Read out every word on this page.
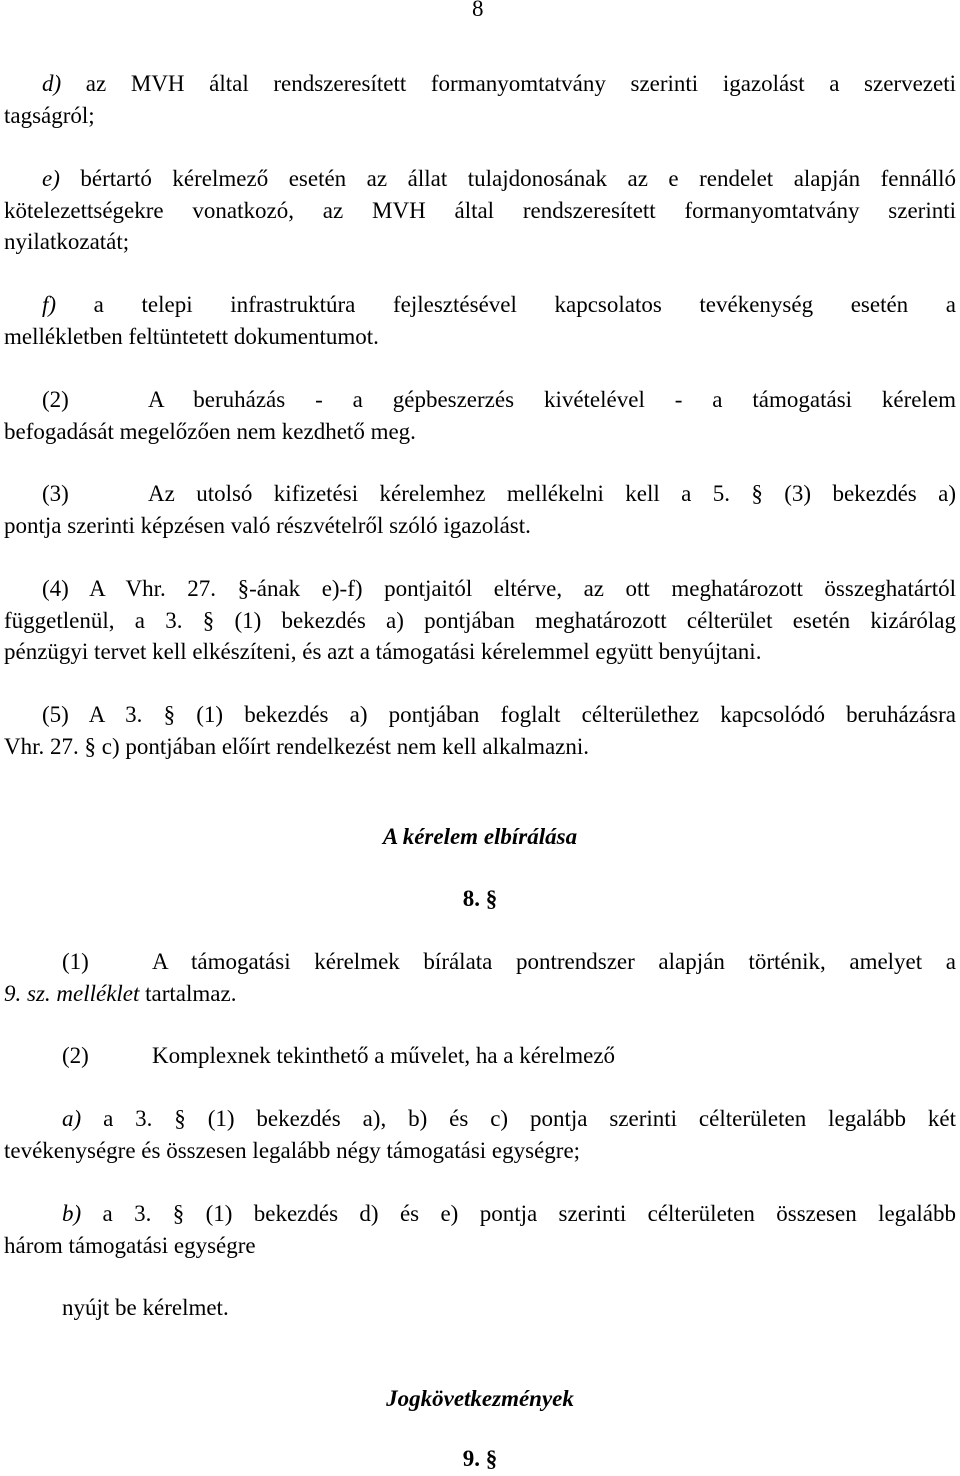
8
d) az MVH által rendszeresített formanyomtatvány szerinti igazolást a szervezeti
tagságról;
e) bértartó kérelmező esetén az állat tulajdonosának az e rendelet alapján fennálló
kötelezettségekre vonatkozó, az MVH által rendszeresített formanyomtatvány szerinti
nyilatkozatát;
f) a telepi infrastruktúra fejlesztésével kapcsolatos tevékenység esetén a
mellékletben feltüntetett dokumentumot.
(2)	A beruházás - a gépbeszerzés kivételével - a támogatási kérelem
befogadását megelőzően nem kezdhető meg.
(3)	Az utolsó kifizetési kérelemhez mellékelni kell a 5. § (3) bekezdés a)
pontja szerinti képzésen való részvételről szóló igazolást.
(4) A Vhr. 27. §-ának e)-f) pontjaitól eltérve, az ott meghatározott összeghatártól
függetlenül, a 3. § (1) bekezdés a) pontjában meghatározott célterület esetén kizárólag
pénzügyi tervet kell elkészíteni, és azt a támogatási kérelemmel együtt benyújtani.
(5) A 3. § (1) bekezdés a) pontjában foglalt célterülethez kapcsolódó beruházásra
Vhr. 27. § c) pontjában előírt rendelkezést nem kell alkalmazni.
A kérelem elbírálása
8. §
(1)	A támogatási kérelmek bírálata pontrendszer alapján történik, amelyet a
9. sz. melléklet tartalmaz.
(2)	Komplexnek tekinthető a művelet, ha a kérelmező
a) a 3. § (1) bekezdés a), b) és c) pontja szerinti célterületen legalább két
tevékenységre és összesen legalább négy támogatási egységre;
b) a 3. § (1) bekezdés d) és e) pontja szerinti célterületen összesen legalább
három támogatási egységre
nyújt be kérelmet.
Jogkövetkezmények
9. §
